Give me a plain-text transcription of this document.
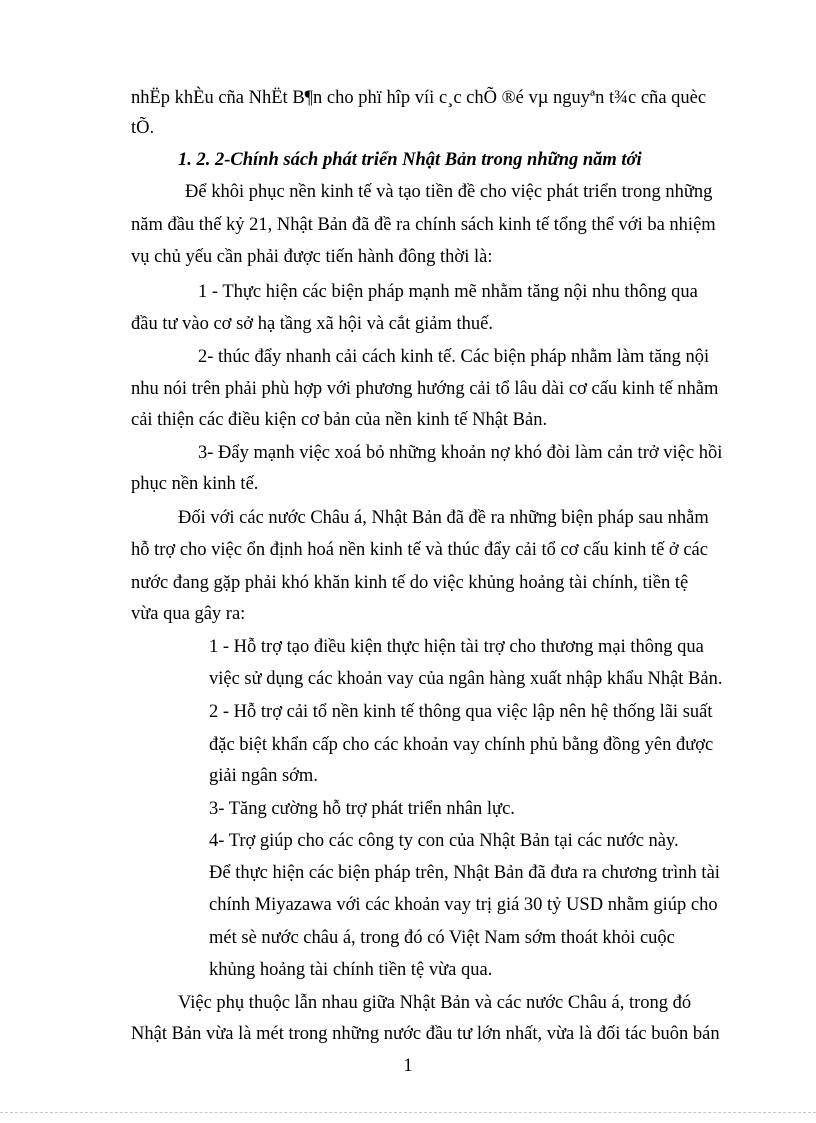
nhËp khÈu cña NhËt B¶n cho phï hîp víi c¸c chÕ ®é vµ nguyªn t¾c cña quèc
tÕ.
1. 2. 2-Chính sách phát triển Nhật Bản trong những năm tới
Để khôi phục nền kinh tế và tạo tiền đề cho việc phát triển trong những
năm đầu thế kỷ 21, Nhật Bản đã đề ra chính sách kinh tế tổng thể với ba nhiệm
vụ chủ yếu cần phải được tiến hành đông thời là:
1 - Thực hiện các biện pháp mạnh mẽ nhằm tăng nội nhu thông qua
đầu tư vào cơ sở hạ tầng xã hội và cắt giảm thuế.
2- thúc đẩy nhanh cải cách kinh tế. Các biện pháp nhằm làm tăng nội
nhu nói trên phải phù hợp với phương hướng cải tổ lâu dài cơ cấu kinh tế nhằm
cải thiện các điều kiện cơ bản của nền kinh tế Nhật Bản.
3- Đẩy mạnh việc xoá bỏ những khoản nợ khó đòi làm cản trở việc hồi
phục nền kinh tế.
Đối với các nước Châu á, Nhật Bản đã đề ra những biện pháp sau nhằm
hỗ trợ cho việc ổn định hoá nền kinh tế và thúc đẩy cải tổ cơ cấu kinh tế ở các
nước đang gặp phải khó khăn kinh tế do việc khủng hoảng tài chính, tiền tệ
vừa qua gây ra:
1 - Hỗ trợ tạo điều kiện thực hiện tài trợ cho thương mại thông qua
việc sử dụng các khoản vay của ngân hàng xuất nhập khẩu Nhật Bản.
2 - Hỗ trợ cải tổ nền kinh tế thông qua việc lập nên hệ thống lãi suất
đặc biệt khẩn cấp cho các khoản vay chính phủ bằng đồng yên được
giải ngân sớm.
3- Tăng cường hỗ trợ phát triển nhân lực.
4- Trợ giúp cho các công ty con của Nhật Bản tại các nước này.
Để thực hiện các biện pháp trên, Nhật Bản đã đưa ra chương trình tài
chính Miyazawa với các khoản vay trị giá 30 tỷ USD nhằm giúp cho
mét sè nước châu á, trong đó có Việt Nam sớm thoát khỏi cuộc
khủng hoảng tài chính tiền tệ vừa qua.
Việc phụ thuộc lẫn nhau giữa Nhật Bản và các nước Châu á, trong đó
Nhật Bản vừa là mét trong những nước đầu tư lớn nhất, vừa là đối tác buôn bán
1
